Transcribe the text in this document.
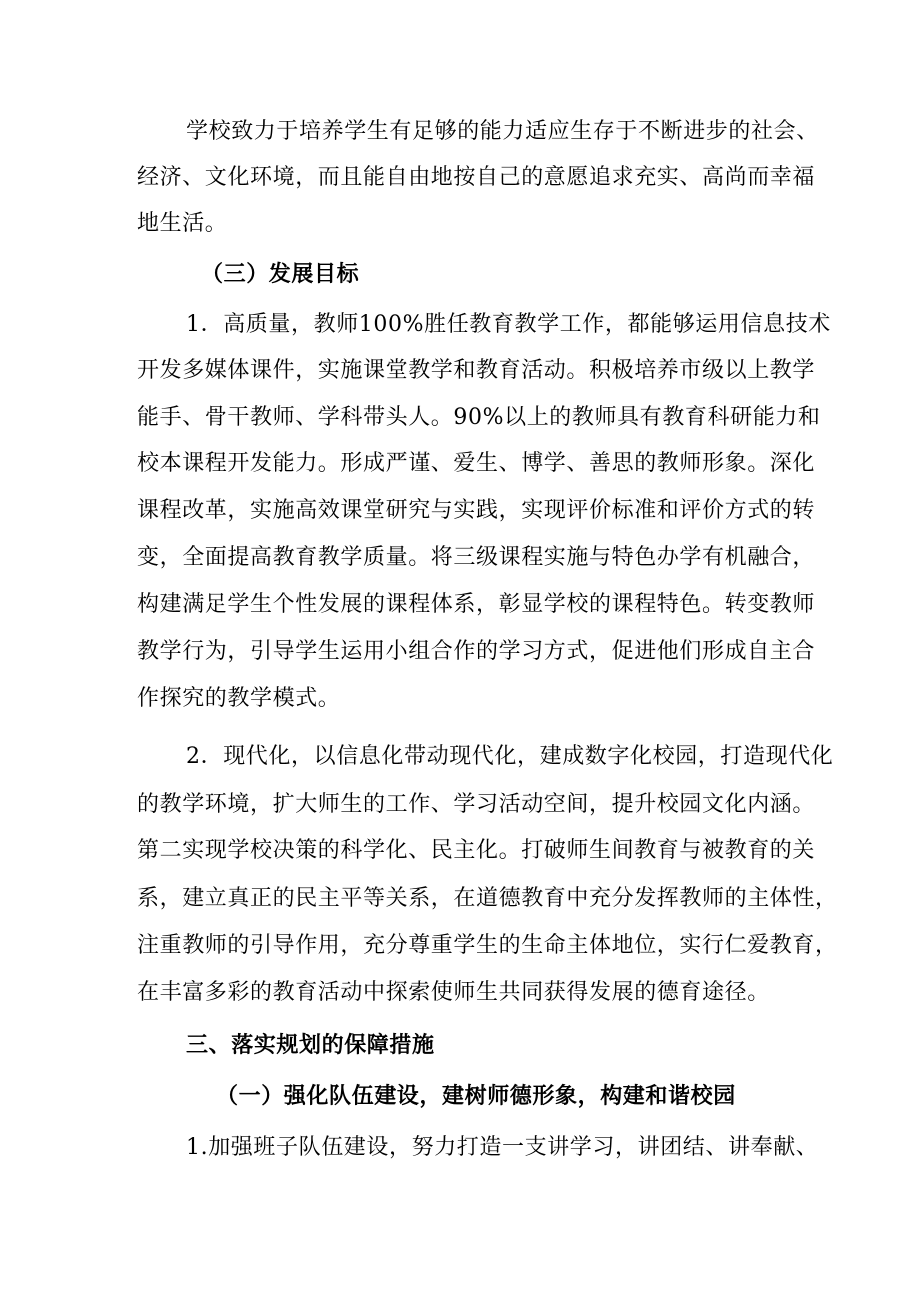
学校致力于培养学生有足够的能力适应生存于不断进步的社会、
经济、文化环境，而且能自由地按自己的意愿追求充实、高尚而幸福
地生活。
（三）发展目标
1．高质量，教师100%胜任教育教学工作，都能够运用信息技术
开发多媒体课件，实施课堂教学和教育活动。积极培养市级以上教学
能手、骨干教师、学科带头人。90%以上的教师具有教育科研能力和
校本课程开发能力。形成严谨、爱生、博学、善思的教师形象。深化
课程改革，实施高效课堂研究与实践，实现评价标准和评价方式的转
变，全面提高教育教学质量。将三级课程实施与特色办学有机融合，
构建满足学生个性发展的课程体系，彰显学校的课程特色。转变教师
教学行为，引导学生运用小组合作的学习方式，促进他们形成自主合
作探究的教学模式。
2．现代化，以信息化带动现代化，建成数字化校园，打造现代化
的教学环境，扩大师生的工作、学习活动空间，提升校园文化内涵。
第二实现学校决策的科学化、民主化。打破师生间教育与被教育的关
系，建立真正的民主平等关系，在道德教育中充分发挥教师的主体性，
注重教师的引导作用，充分尊重学生的生命主体地位，实行仁爱教育，
在丰富多彩的教育活动中探索使师生共同获得发展的德育途径。
三、落实规划的保障措施
（一）强化队伍建设，建树师德形象，构建和谐校园
1.加强班子队伍建设，努力打造一支讲学习，讲团结、讲奉献、
